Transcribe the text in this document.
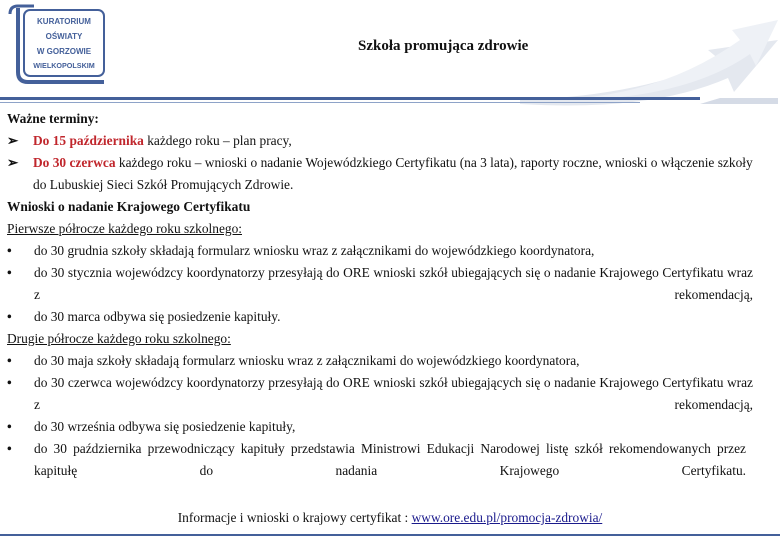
KURATORIUM
OŚWIATY
W GORZOWIE
WIELKOPOLSKIM
Szkoła promująca zdrowie
Ważne terminy:
➢ Do 15 października każdego roku – plan pracy,
➢ Do 30 czerwca każdego roku – wnioski o nadanie Wojewódzkiego Certyfikatu (na 3 lata), raporty roczne, wnioski o włączenie szkoły do Lubuskiej Sieci Szkół Promujących Zdrowie.
Wnioski o nadanie Krajowego Certyfikatu
Pierwsze półrocze każdego roku szkolnego:
• do 30 grudnia szkoły składają formularz wniosku wraz z załącznikami do wojewódzkiego koordynatora,
• do 30 stycznia wojewódzcy koordynatorzy przesyłają do ORE wnioski szkół ubiegających się o nadanie Krajowego Certyfikatu wraz z rekomendacją,
• do 30 marca odbywa się posiedzenie kapituły.
Drugie półrocze każdego roku szkolnego:
• do 30 maja szkoły składają formularz wniosku wraz z załącznikami do wojewódzkiego koordynatora,
• do 30 czerwca wojewódzcy koordynatorzy przesyłają do ORE wnioski szkół ubiegających się o nadanie Krajowego Certyfikatu wraz z rekomendacją,
• do 30 września odbywa się posiedzenie kapituły,
• do 30 października przewodniczący kapituły przedstawia Ministrowi Edukacji Narodowej listę szkół rekomendowanych przez kapitułę do nadania Krajowego Certyfikatu.
Informacje i wnioski o krajowy certyfikat : www.ore.edu.pl/promocja-zdrowia/
